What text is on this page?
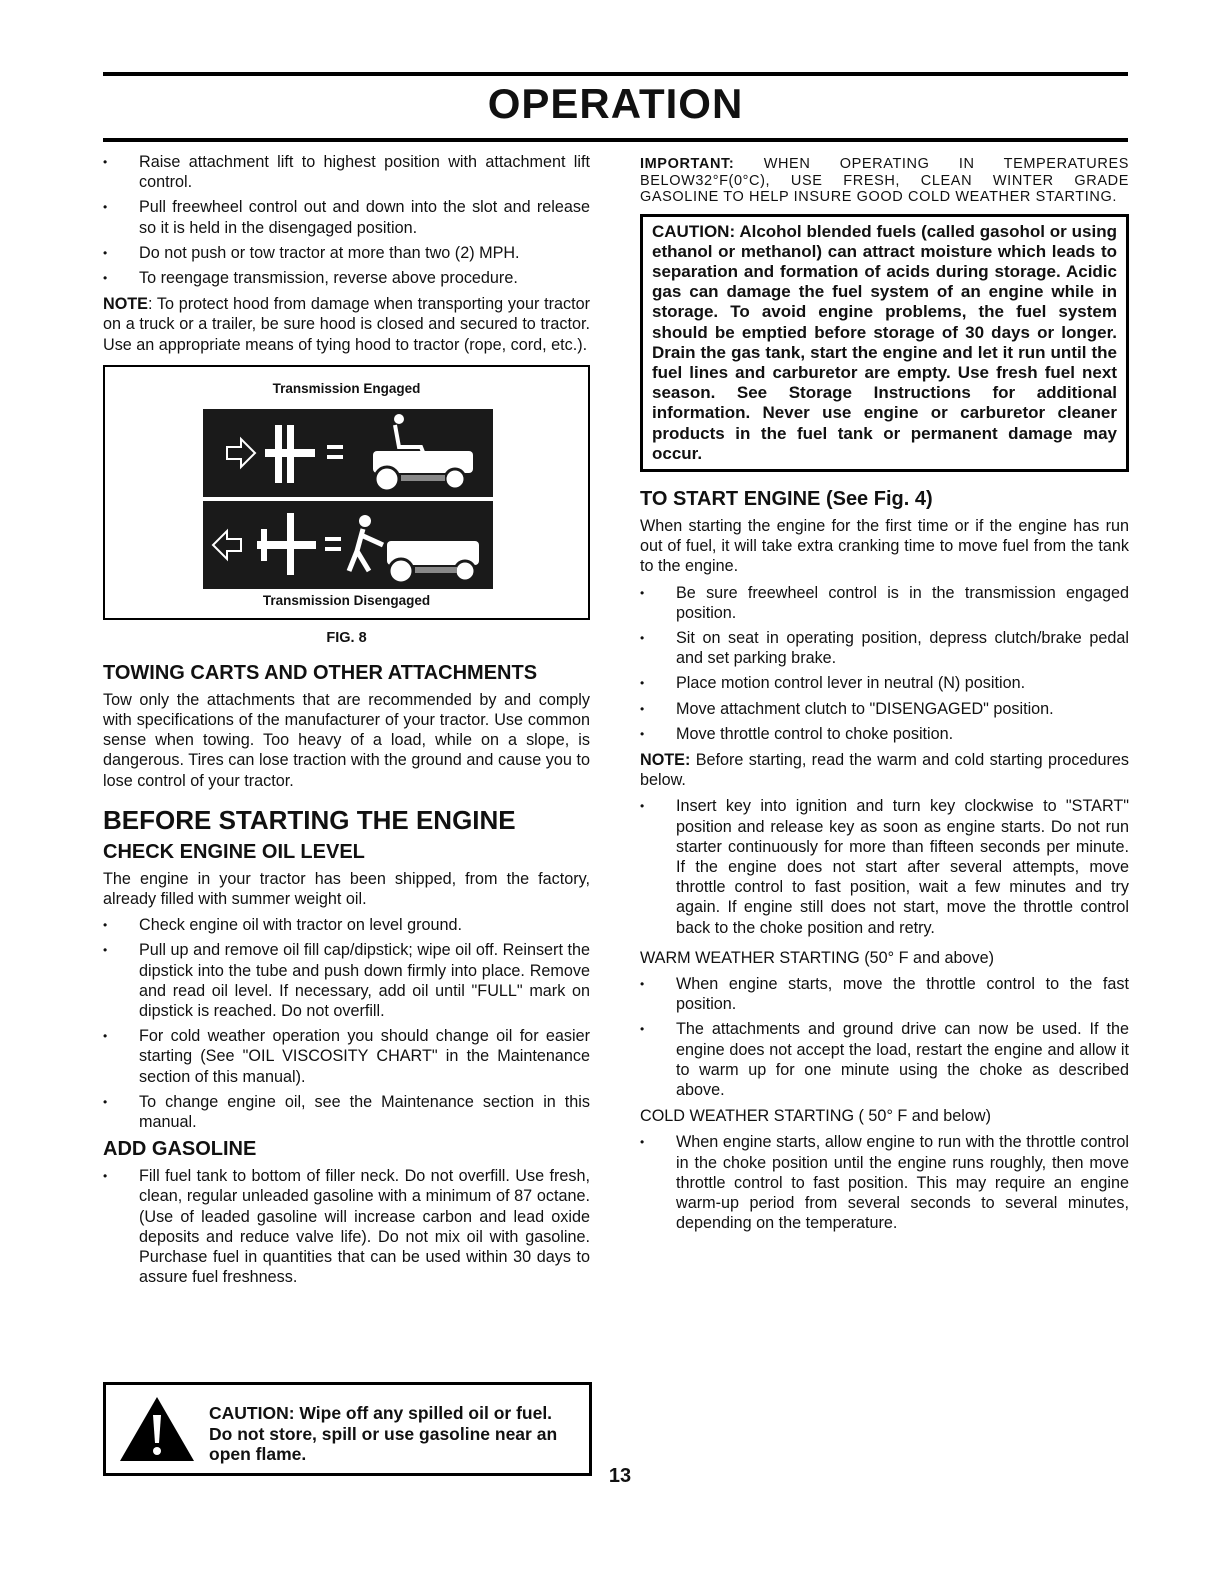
OPERATION
• Raise attachment lift to highest position with attachment lift control.
• Pull freewheel control out and down into the slot and release so it is held in the disengaged position.
• Do not push or tow tractor at more than two (2) MPH.
• To reengage transmission, reverse above procedure.

NOTE: To protect hood from damage when transporting your tractor on a truck or a trailer, be sure hood is closed and secured to tractor. Use an appropriate means of tying hood to tractor (rope, cord, etc.).

Transmission Engaged
Transmission Disengaged
FIG. 8
TOWING CARTS AND OTHER ATTACHMENTS

Tow only the attachments that are recommended by and comply with specifications of the manufacturer of your tractor. Use common sense when towing. Too heavy of a load, while on a slope, is dangerous. Tires can lose traction with the ground and cause you to lose control of your tractor.

BEFORE STARTING THE ENGINE
CHECK ENGINE OIL LEVEL

The engine in your tractor has been shipped, from the factory, already filled with summer weight oil.

• Check engine oil with tractor on level ground.
• Pull up and remove oil fill cap/dipstick; wipe oil off. Reinsert the dipstick into the tube and push down firmly into place. Remove and read oil level. If necessary, add oil until "FULL" mark on dipstick is reached. Do not overfill.
• For cold weather operation you should change oil for easier starting (See "OIL VISCOSITY CHART" in the Maintenance section of this manual).
• To change engine oil, see the Maintenance section in this manual.
ADD GASOLINE
• Fill fuel tank to bottom of filler neck. Do not overfill. Use fresh, clean, regular unleaded gasoline with a minimum of 87 octane. (Use of leaded gasoline will increase carbon and lead oxide deposits and reduce valve life). Do not mix oil with gasoline. Purchase fuel in quantities that can be used within 30 days to assure fuel freshness.
CAUTION: Wipe off any spilled oil or fuel. Do not store, spill or use gasoline near an open flame.

IMPORTANT: WHEN OPERATING IN TEMPERATURES BELOW32°F(0°C), USE FRESH, CLEAN WINTER GRADE GASOLINE TO HELP INSURE GOOD COLD WEATHER STARTING.

CAUTION: Alcohol blended fuels (called gasohol or using ethanol or methanol) can attract moisture which leads to separation and formation of acids during storage. Acidic gas can damage the fuel system of an engine while in storage. To avoid engine problems, the fuel system should be emptied before storage of 30 days or longer. Drain the gas tank, start the engine and let it run until the fuel lines and carburetor are empty. Use fresh fuel next season. See Storage Instructions for additional information. Never use engine or carburetor cleaner products in the fuel tank or permanent damage may occur.
TO START ENGINE (See Fig. 4)

When starting the engine for the first time or if the engine has run out of fuel, it will take extra cranking time to move fuel from the tank to the engine.

• Be sure freewheel control is in the transmission engaged position.
• Sit on seat in operating position, depress clutch/brake pedal and set parking brake.
• Place motion control lever in neutral (N) position.
• Move attachment clutch to "DISENGAGED" position.
• Move throttle control to choke position.

NOTE: Before starting, read the warm and cold starting procedures below.

• Insert key into ignition and turn key clockwise to "START" position and release key as soon as engine starts. Do not run starter continuously for more than fifteen seconds per minute. If the engine does not start after several attempts, move throttle control to fast position, wait a few minutes and try again. If engine still does not start, move the throttle control back to the choke position and retry.

WARM WEATHER STARTING (50° F and above)

• When engine starts, move the throttle control to the fast position.
• The attachments and ground drive can now be used. If the engine does not accept the load, restart the engine and allow it to warm up for one minute using the choke as described above.

COLD WEATHER STARTING ( 50° F and below)

• When engine starts, allow engine to run with the throttle control in the choke position until the engine runs roughly, then move throttle control to fast position. This may require an engine warm-up period from several seconds to several minutes, depending on the temperature.
13
